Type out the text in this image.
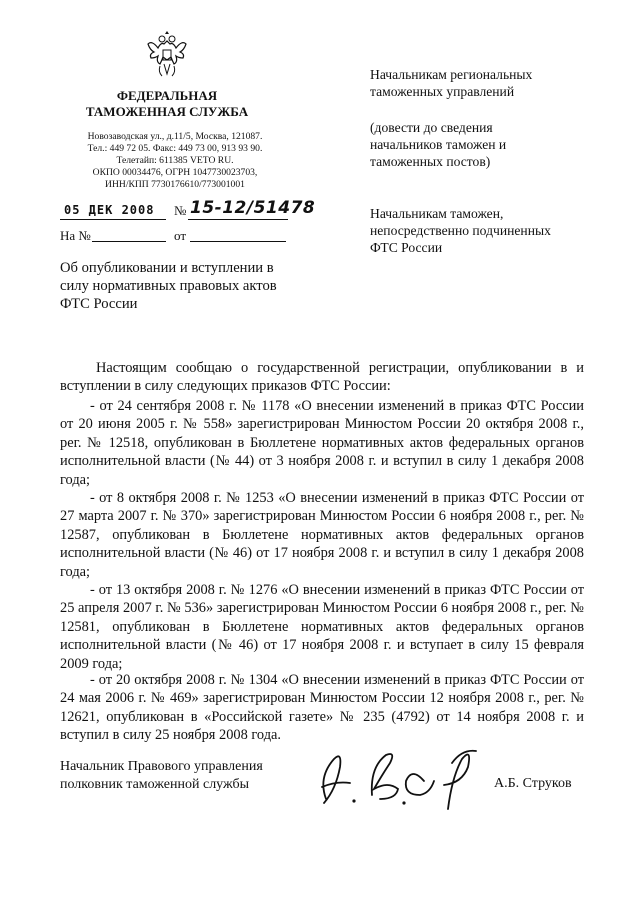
ФЕДЕРАЛЬНАЯ
ТАМОЖЕННАЯ СЛУЖБА
Новозаводская ул., д.11/5, Москва, 121087.
Тел.: 449 72 05. Факс: 449 73 00, 913 93 90.
Телетайп: 611385 VETO RU.
ОКПО 00034476, ОГРН 1047730023703,
ИНН/КПП 7730176610/773001001
05 ДЕК 2008 № 15-12/51478
На №	от
Начальникам региональных
таможенных управлений
(довести до сведения
начальников таможен и
таможенных постов)
Начальникам таможен,
непосредственно подчиненных
ФТС России
Об опубликовании и вступлении в
силу нормативных правовых актов
ФТС России

Настоящим сообщаю о государственной регистрации, опубликовании в и вступлении в силу следующих приказов ФТС России:

- от 24 сентября 2008 г. № 1178 «О внесении изменений в приказ ФТС России от 20 июня 2005 г. № 558» зарегистрирован Минюстом России 20 октября 2008 г., рег. № 12518, опубликован в Бюллетене нормативных актов федеральных органов исполнительной власти (№ 44) от 3 ноября 2008 г. и вступил в силу 1 декабря 2008 года;

- от 8 октября 2008 г. № 1253 «О внесении изменений в приказ ФТС России от 27 марта 2007 г. № 370» зарегистрирован Минюстом России 6 ноября 2008 г., рег. № 12587, опубликован в Бюллетене нормативных актов федеральных органов исполнительной власти (№ 46) от 17 ноября 2008 г. и вступил в силу 1 декабря 2008 года;

- от 13 октября 2008 г. № 1276 «О внесении изменений в приказ ФТС России от 25 апреля 2007 г. № 536» зарегистрирован Минюстом России 6 ноября 2008 г., рег. № 12581, опубликован в Бюллетене нормативных актов федеральных органов исполнительной власти (№ 46) от 17 ноября 2008 г. и вступает в силу 15 февраля 2009 года;

- от 20 октября 2008 г. № 1304 «О внесении изменений в приказ ФТС России от 24 мая 2006 г. № 469» зарегистрирован Минюстом России 12 ноября 2008 г., рег. № 12621, опубликован в «Российской газете» № 235 (4792) от 14 ноября 2008 г. и вступил в силу 25 ноября 2008 года.

Начальник Правового управления
полковник таможенной службы	А.Б. Струков
